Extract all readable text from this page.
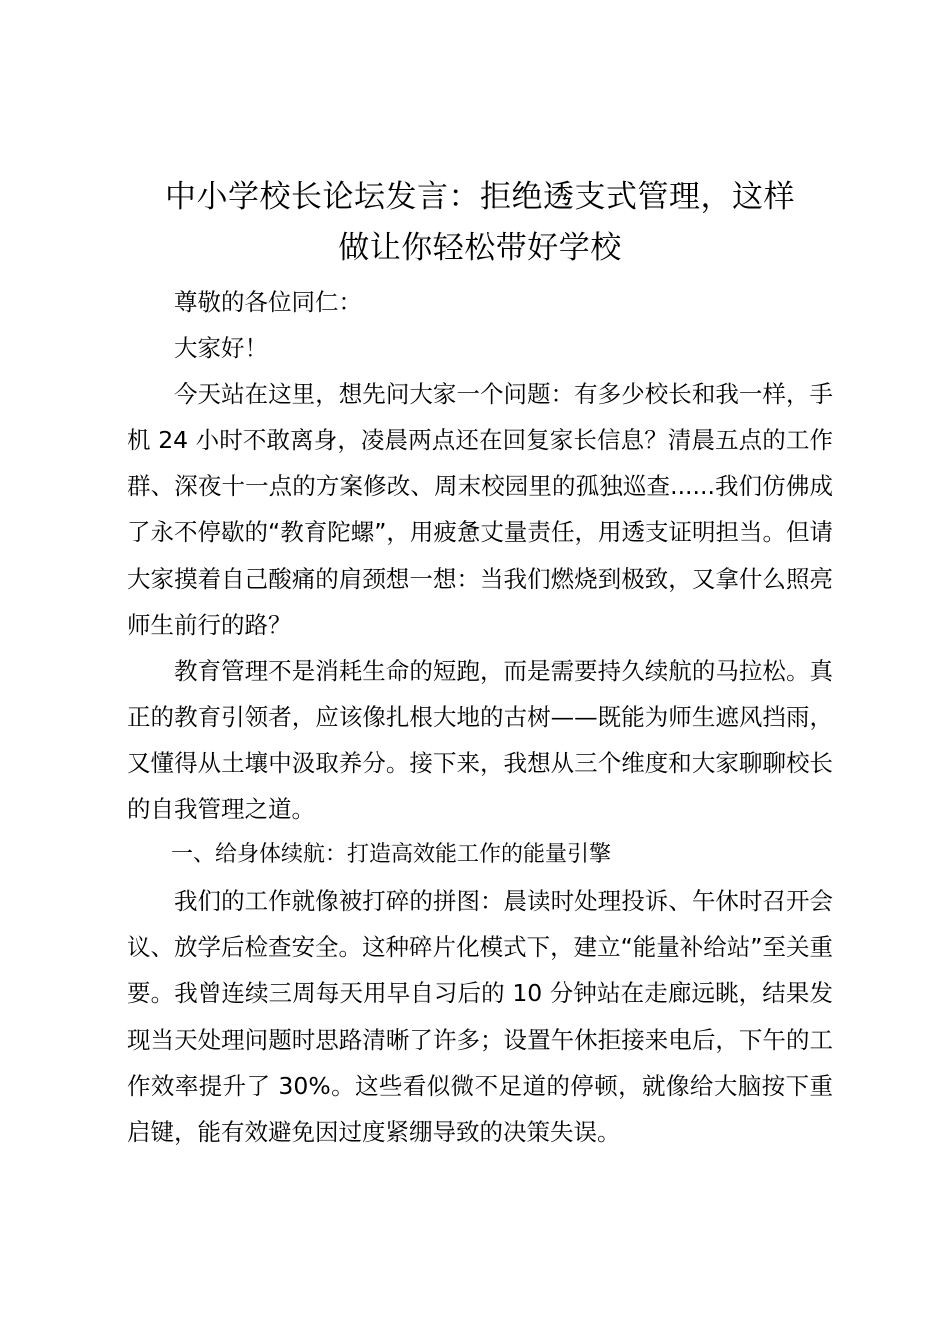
中小学校长论坛发言：拒绝透支式管理，这样
做让你轻松带好学校

尊敬的各位同仁：

大家好！

今天站在这里，想先问大家一个问题：有多少校长和我一样，手机 24 小时不敢离身，凌晨两点还在回复家长信息？清晨五点的工作群、深夜十一点的方案修改、周末校园里的孤独巡查......我们仿佛成了永不停歇的“教育陀螺”，用疲惫丈量责任，用透支证明担当。但请大家摸着自己酸痛的肩颈想一想：当我们燃烧到极致，又拿什么照亮师生前行的路？

教育管理不是消耗生命的短跑，而是需要持久续航的马拉松。真正的教育引领者，应该像扎根大地的古树——既能为师生遮风挡雨，又懂得从土壤中汲取养分。接下来，我想从三个维度和大家聊聊校长的自我管理之道。

一、给身体续航：打造高效能工作的能量引擎

我们的工作就像被打碎的拼图：晨读时处理投诉、午休时召开会议、放学后检查安全。这种碎片化模式下，建立“能量补给站”至关重要。我曾连续三周每天用早自习后的 10 分钟站在走廊远眺，结果发现当天处理问题时思路清晰了许多；设置午休拒接来电后，下午的工作效率提升了 30%。这些看似微不足道的停顿，就像给大脑按下重启键，能有效避免因过度紧绷导致的决策失误。
